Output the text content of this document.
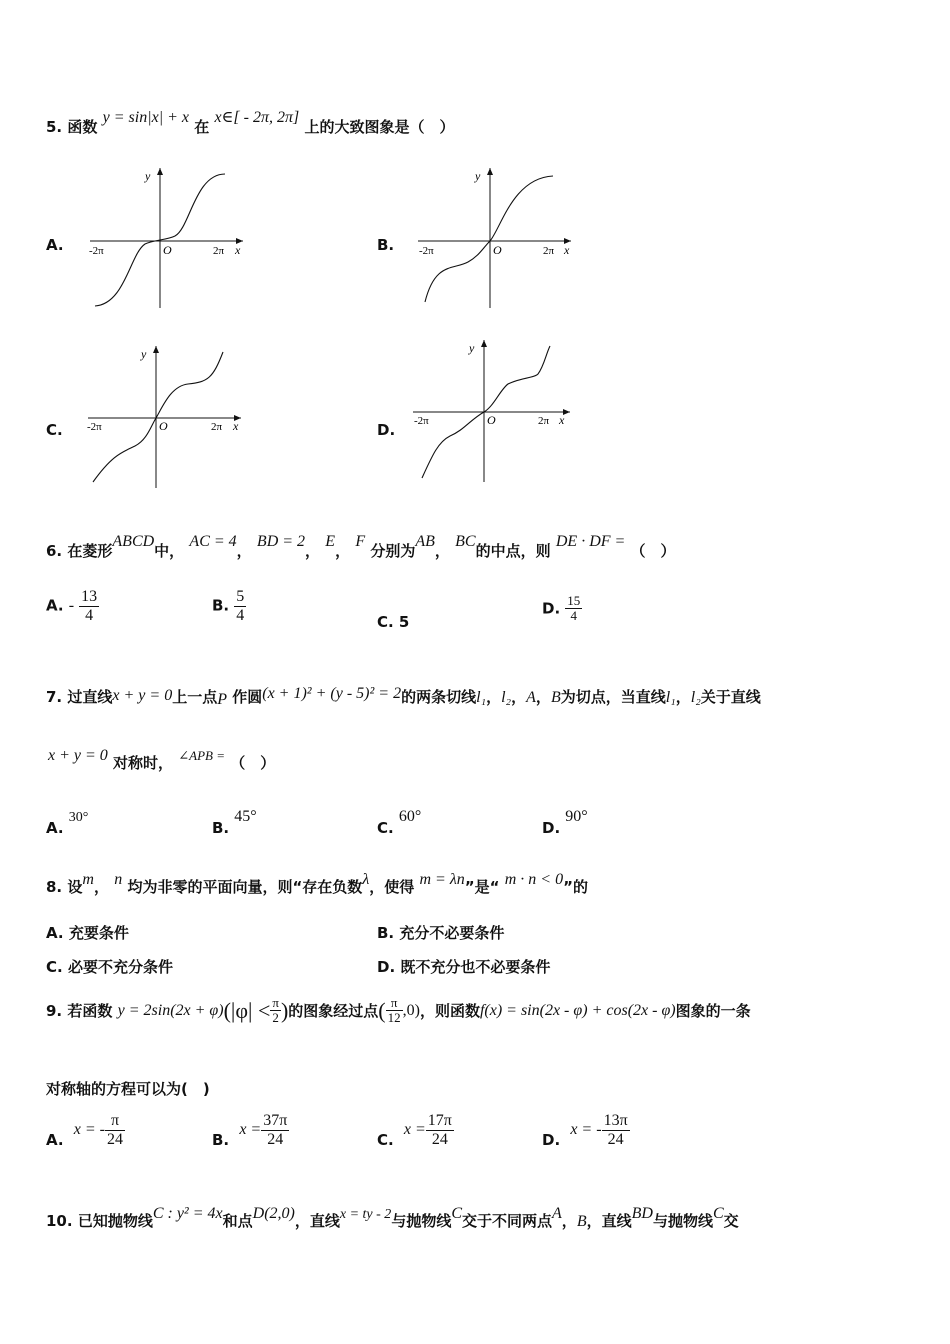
5. 函数 y = sin|x| + x 在 x∈[ - 2π, 2π] 上的大致图象是（　）
A.	B.
C.	D.
y
-2π	O	2π x
y
-2π	O	2π x
y
-2π	O	2π x
y
-2π	O	2π x
6. 在菱形ABCD中， AC = 4， BD = 2， E， F 分别为AB， BC的中点，则 DE · DF = （　）
A. - $\frac{13}{4}$	B. $\frac{5}{4}$	C. 5
D. $\frac{15}{4}$
7. 过直线x + y = 0上一点P 作圆(x + 1)² + (y - 5)² = 2的两条切线l₁，l₂，A，B为切点，当直线l₁，l₂关于直线
x + y = 0 对称时， ∠APB = （　）
A. 30°
B. 45°
C. 60°
D. 90°
8. 设m， n 均为非零的平面向量，则“存在负数λ，使得 m = λn”是“ m · n < 0”的
A. 充要条件	B. 充分不必要条件
C. 必要不充分条件	D. 既不充分也不必要条件
9.
若函数
y = 2sin(2x + φ) ($|\varphi| < \frac{\pi}{2}$ ) 的图象经过点 ( $\frac{\pi}{12} ,0$) ，则函数 f(x) = sin(2x - φ) + cos(2x - φ) 图象的一条
对称轴的方程可以为(　)
A.

x = - $\frac{\pi}{24}$	B.

$x = \frac{37\pi}{24}$	C.

$x = \frac{17\pi}{24}$	D.

x = - $\frac{13\pi}{24}$
10. 已知抛物线C : y² = 4x和点D(2,0)，直线x = ty - 2与抛物线C交于不同两点A，B，直线BD与抛物线C交
